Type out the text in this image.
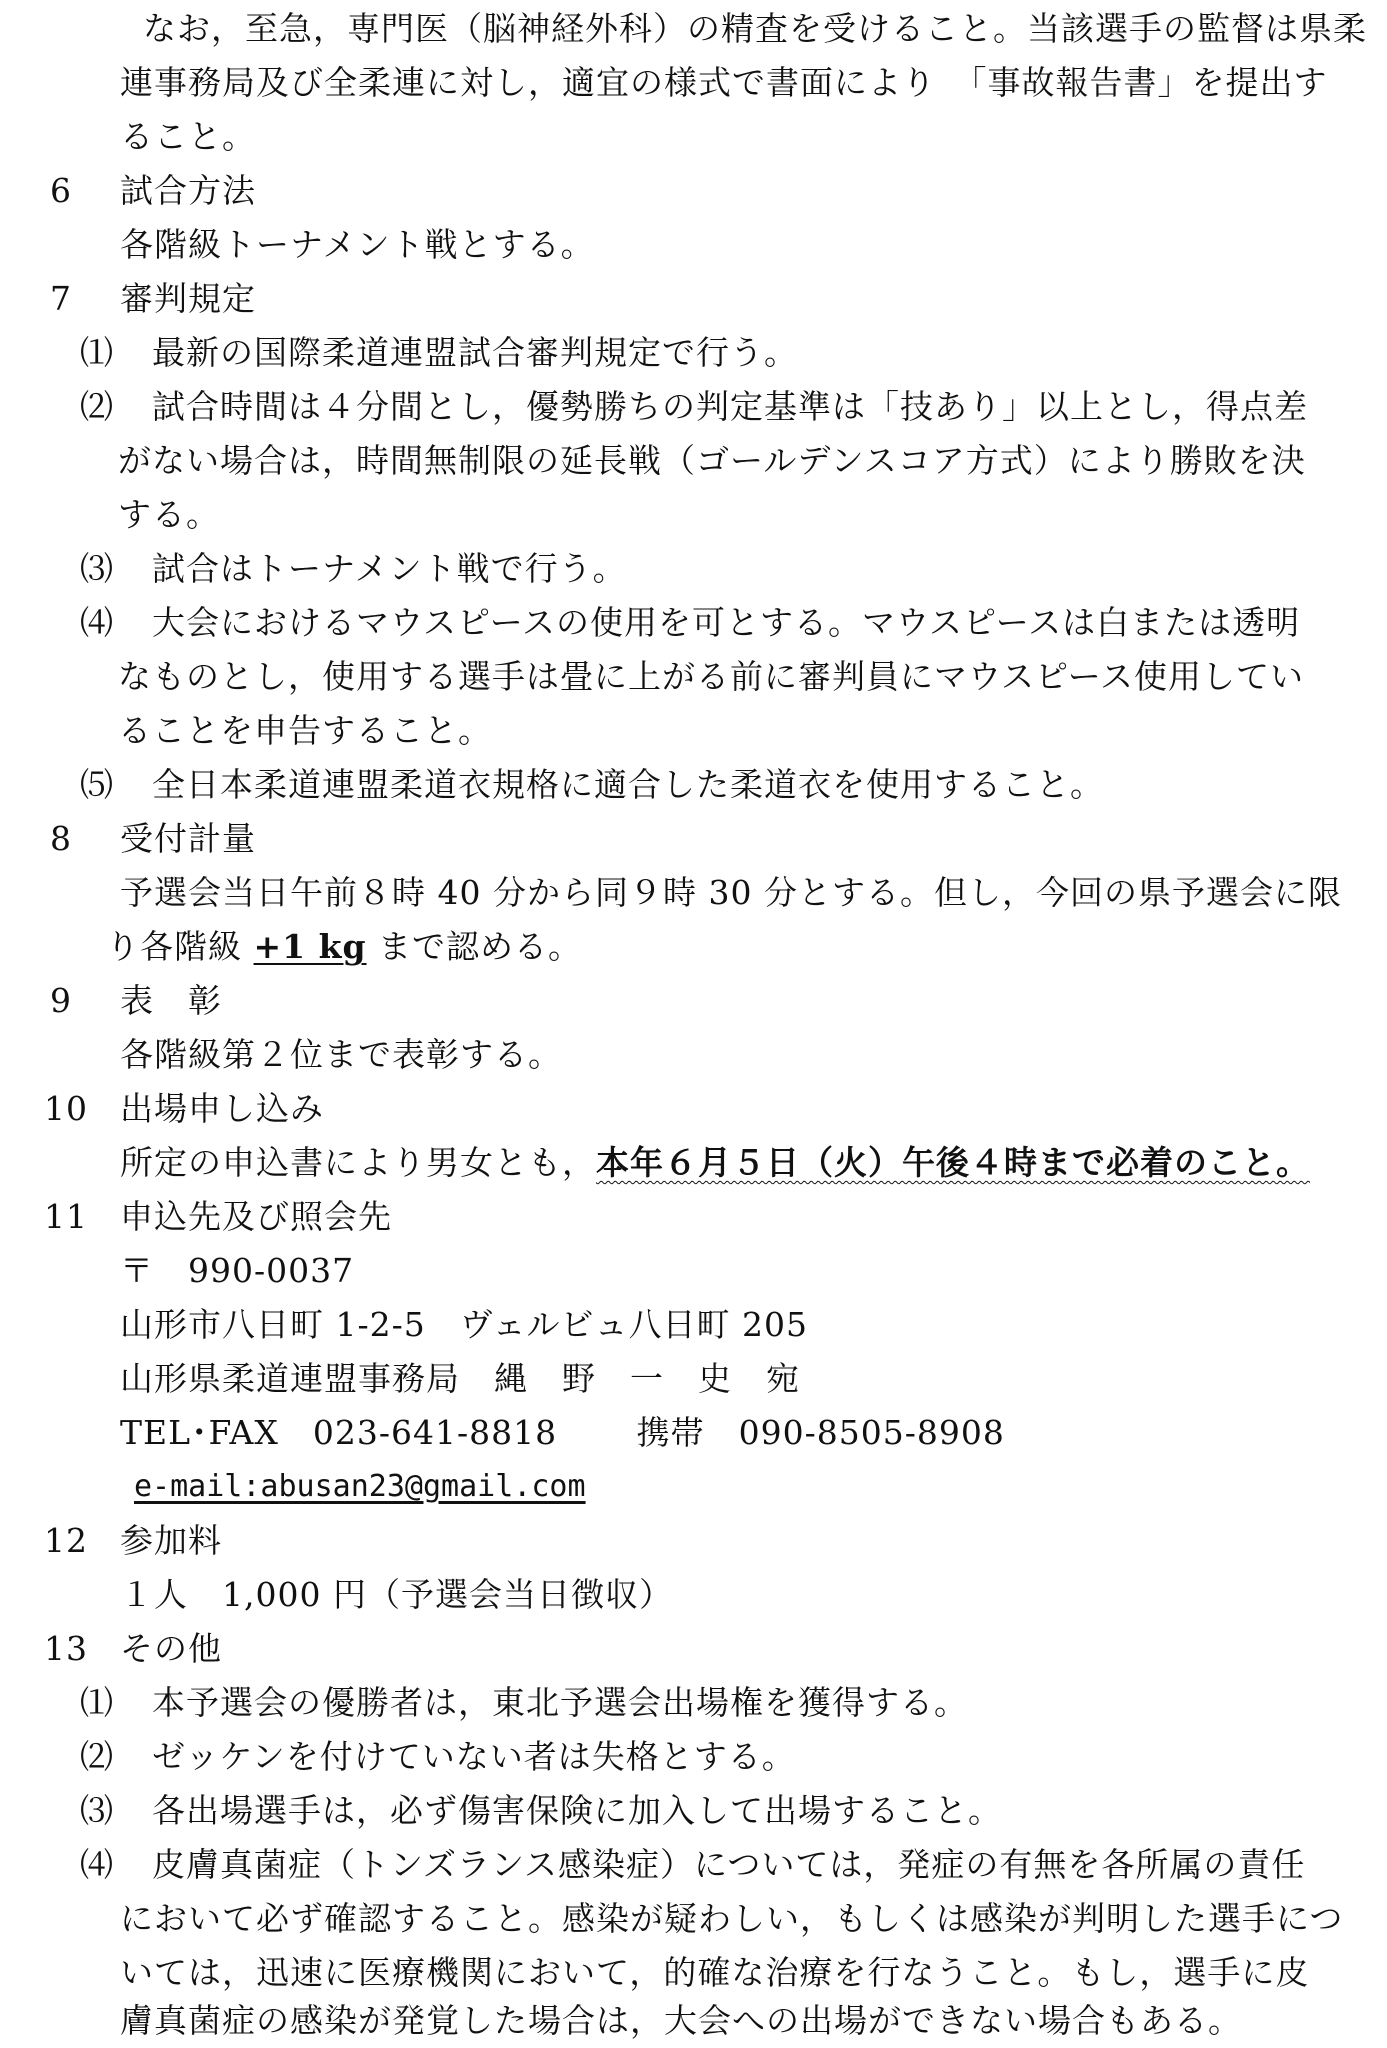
なお，至急，専門医（脳神経外科）の精査を受けること。当該選手の監督は県柔
連事務局及び全柔連に対し，適宜の様式で書面により　「事故報告書」を提出す
ること。
6 試合方法
各階級トーナメント戦とする。
7 審判規定
⑴ 最新の国際柔道連盟試合審判規定で行う。
⑵ 試合時間は４分間とし，優勢勝ちの判定基準は「技あり」以上とし，得点差
がない場合は，時間無制限の延長戦（ゴールデンスコア方式）により勝敗を決
する。
⑶ 試合はトーナメント戦で行う。
⑷ 大会におけるマウスピースの使用を可とする。マウスピースは白または透明
なものとし，使用する選手は畳に上がる前に審判員にマウスピース使用してい
ることを申告すること。
⑸ 全日本柔道連盟柔道衣規格に適合した柔道衣を使用すること。
8 受付計量
予選会当日午前８時 40 分から同９時 30 分とする。但し，今回の県予選会に限
り各階級 +1 kg まで認める。
9 表　彰
各階級第２位まで表彰する。
10 出場申し込み
所定の申込書により男女とも，本年６月５日（火）午後４時まで必着のこと。
11 申込先及び照会先
〒　990-0037
山形市八日町 1-2-5　ヴェルビュ八日町 205
山形県柔道連盟事務局　縄　野　一　史　宛
TEL･FAX　023-641-8818　　 携帯　090-8505-8908
e-mail:abusan23@gmail.com
12 参加料
１人　1,000 円（予選会当日徴収）
13 その他
⑴ 本予選会の優勝者は，東北予選会出場権を獲得する。
⑵ ゼッケンを付けていない者は失格とする。
⑶ 各出場選手は，必ず傷害保険に加入して出場すること。
⑷ 皮膚真菌症（トンズランス感染症）については，発症の有無を各所属の責任
において必ず確認すること。感染が疑わしい，もしくは感染が判明した選手につ
いては，迅速に医療機関において，的確な治療を行なうこと。もし，選手に皮
膚真菌症の感染が発覚した場合は，大会への出場ができない場合もある。
